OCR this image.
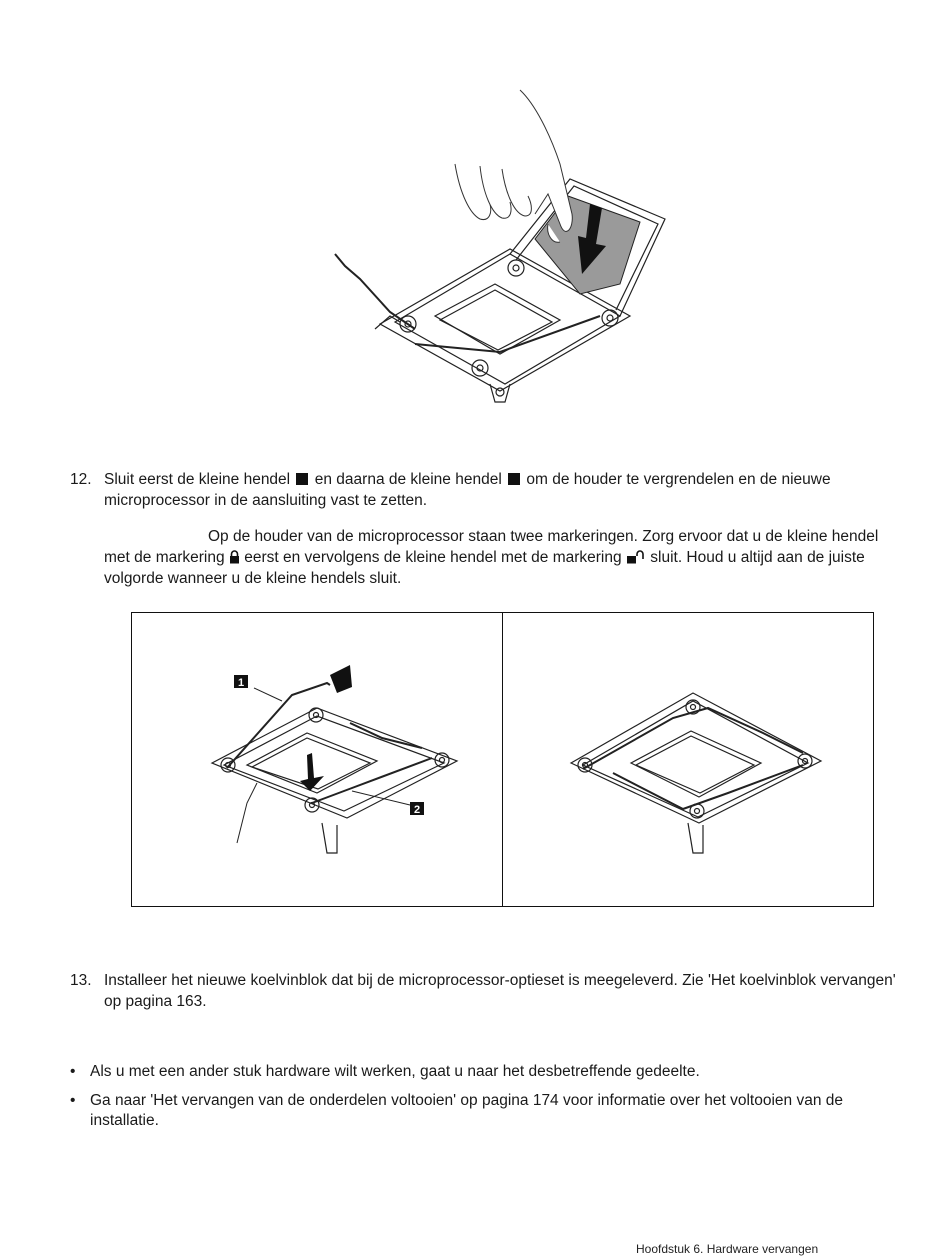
12. Sluit eerst de kleine hendel en daarna de kleine hendel om de houder te vergrendelen en de nieuwe microprocessor in de aansluiting vast te zetten.
Op de houder van de microprocessor staan twee markeringen. Zorg ervoor dat u de kleine hendel met de markering eerst en vervolgens de kleine hendel met de markering sluit. Houd u altijd aan de juiste volgorde wanneer u de kleine hendels sluit.
1
2
13. Installeer het nieuwe koelvinblok dat bij de microprocessor-optieset is meegeleverd. Zie 'Het koelvinblok vervangen' op pagina 163.
• Als u met een ander stuk hardware wilt werken, gaat u naar het desbetreffende gedeelte.
• Ga naar 'Het vervangen van de onderdelen voltooien' op pagina 174 voor informatie over het voltooien van de installatie.
Hoofdstuk 6. Hardware vervangen
